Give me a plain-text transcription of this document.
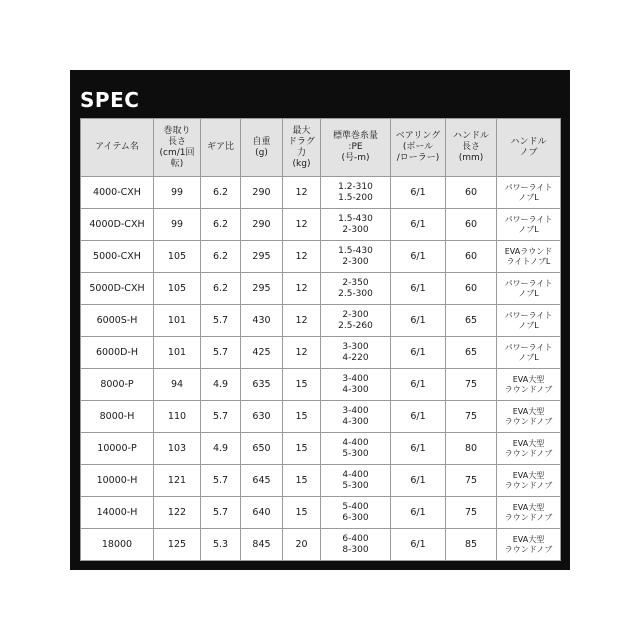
SPEC
アイテム名	巻取り
長さ
(cm/1回転)	ギア比	自重
(g)	最大
ドラグ
力
(kg)	標準巻糸量
:PE
(号-m)	ベアリング
(ボール
/ローラー)	ハンドル
長さ
(mm)	ハンドル
ノブ
4000-CXH	99	6.2	290	12	1.2-310
1.5-200	6/1	60	パワーライト
ノブL
4000D-CXH	99	6.2	290	12	1.5-430
2-300	6/1	60	パワーライト
ノブL
5000-CXH	105	6.2	295	12	1.5-430
2-300	6/1	60	EVAラウンド
ライトノブL
5000D-CXH	105	6.2	295	12	2-350
2.5-300	6/1	60	パワーライト
ノブL
6000S-H	101	5.7	430	12	2-300
2.5-260	6/1	65	パワーライト
ノブL
6000D-H	101	5.7	425	12	3-300
4-220	6/1	65	パワーライト
ノブL
8000-P	94	4.9	635	15	3-400
4-300	6/1	75	EVA大型
ラウンドノブ
8000-H	110	5.7	630	15	3-400
4-300	6/1	75	EVA大型
ラウンドノブ
10000-P	103	4.9	650	15	4-400
5-300	6/1	80	EVA大型
ラウンドノブ
10000-H	121	5.7	645	15	4-400
5-300	6/1	75	EVA大型
ラウンドノブ
14000-H	122	5.7	640	15	5-400
6-300	6/1	75	EVA大型
ラウンドノブ
18000	125	5.3	845	20	6-400
8-300	6/1	85	EVA大型
ラウンドノブ
